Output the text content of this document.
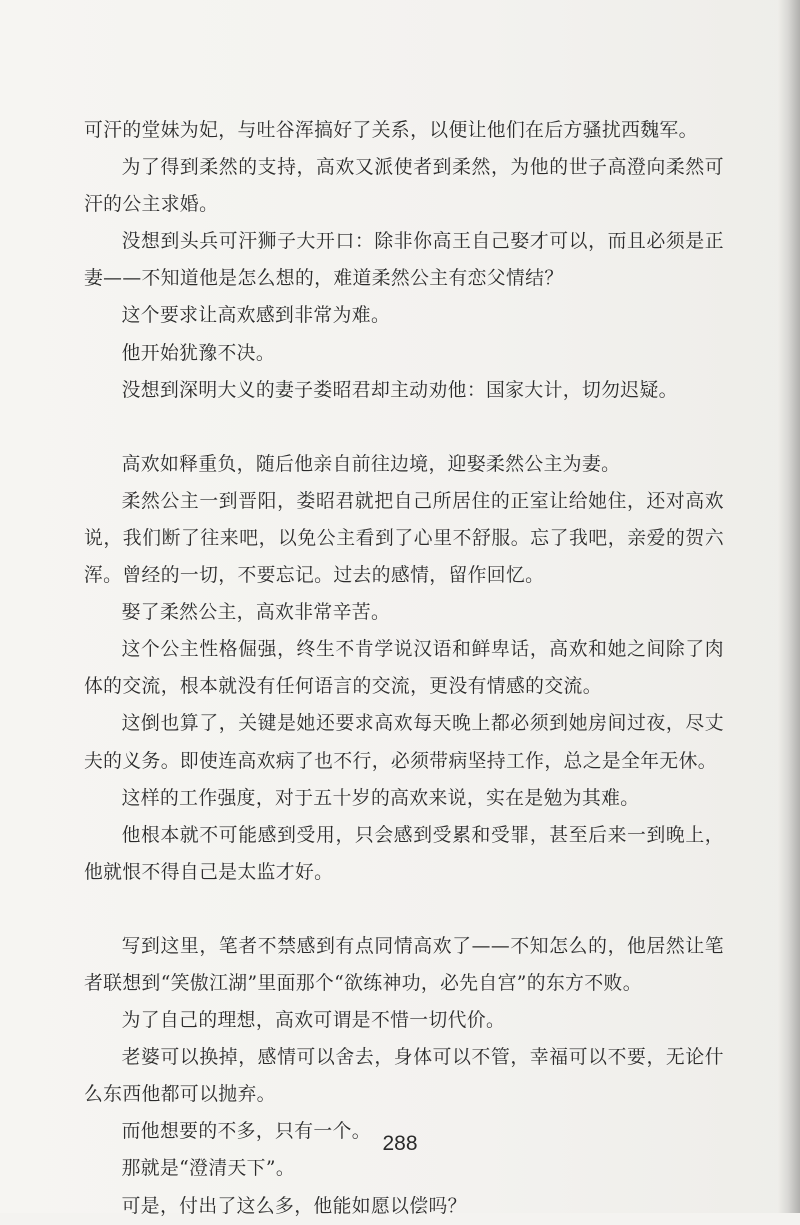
可汗的堂妹为妃，与吐谷浑搞好了关系，以便让他们在后方骚扰西魏军。

为了得到柔然的支持，高欢又派使者到柔然，为他的世子高澄向柔然可汗的公主求婚。

没想到头兵可汗狮子大开口：除非你高王自己娶才可以，而且必须是正妻——不知道他是怎么想的，难道柔然公主有恋父情结？

这个要求让高欢感到非常为难。

他开始犹豫不决。

没想到深明大义的妻子娄昭君却主动劝他：国家大计，切勿迟疑。

高欢如释重负，随后他亲自前往边境，迎娶柔然公主为妻。

柔然公主一到晋阳，娄昭君就把自己所居住的正室让给她住，还对高欢说，我们断了往来吧，以免公主看到了心里不舒服。忘了我吧，亲爱的贺六浑。曾经的一切，不要忘记。过去的感情，留作回忆。

娶了柔然公主，高欢非常辛苦。

这个公主性格倔强，终生不肯学说汉语和鲜卑话，高欢和她之间除了肉体的交流，根本就没有任何语言的交流，更没有情感的交流。

这倒也算了，关键是她还要求高欢每天晚上都必须到她房间过夜，尽丈夫的义务。即使连高欢病了也不行，必须带病坚持工作，总之是全年无休。

这样的工作强度，对于五十岁的高欢来说，实在是勉为其难。

他根本就不可能感到受用，只会感到受累和受罪，甚至后来一到晚上，他就恨不得自己是太监才好。

写到这里，笔者不禁感到有点同情高欢了——不知怎么的，他居然让笔者联想到“笑傲江湖”里面那个“欲练神功，必先自宫”的东方不败。

为了自己的理想，高欢可谓是不惜一切代价。

老婆可以换掉，感情可以舍去，身体可以不管，幸福可以不要，无论什么东西他都可以抛弃。

而他想要的不多，只有一个。

那就是“澄清天下”。

可是，付出了这么多，他能如愿以偿吗？

288
